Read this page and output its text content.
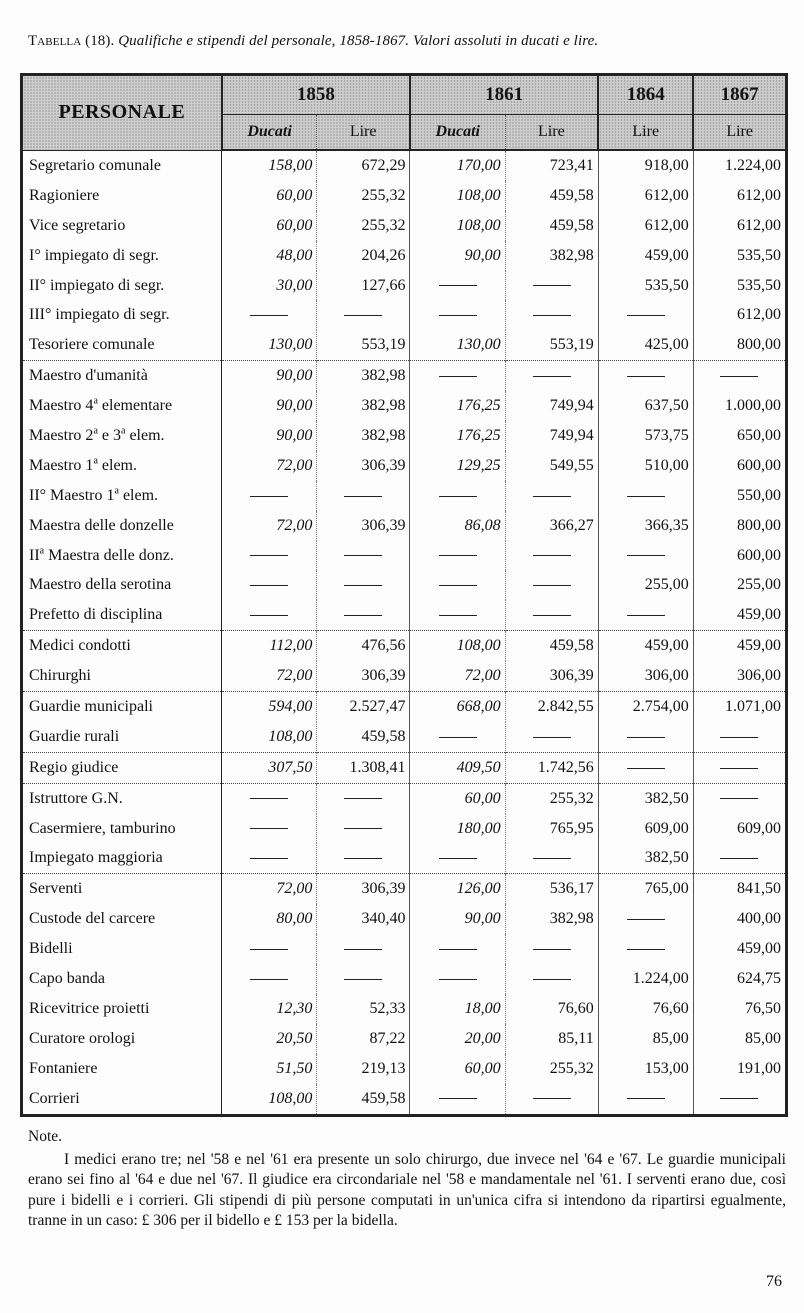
Tabella (18). Qualifiche e stipendi del personale, 1858-1867. Valori assoluti in ducati e lire.
PERSONALE	1858		1861		1864	1867
	Ducati	Lire	Ducati	Lire	Lire	Lire
Segretario comunale	158,00	672,29	170,00	723,41	918,00	1.224,00
Ragioniere	60,00	255,32	108,00	459,58	612,00	612,00
Vice segretario	60,00	255,32	108,00	459,58	612,00	612,00
I° impiegato di segr.	48,00	204,26	90,00	382,98	459,00	535,50
II° impiegato di segr.	30,00	127,66			535,50	535,50
III° impiegato di segr.						612,00
Tesoriere comunale	130,00	553,19	130,00	553,19	425,00	800,00
Maestro d'umanità	90,00	382,98				
Maestro 4$^a$ elementare	90,00	382,98	176,25	749,94	637,50	1.000,00
Maestro 2$^a$ e 3$^a$ elem.	90,00	382,98	176,25	749,94	573,75	650,00
Maestro 1$^a$ elem.	72,00	306,39	129,25	549,55	510,00	600,00
II° Maestro 1$^a$ elem.						550,00
Maestra delle donzelle	72,00	306,39	86,08	366,27	366,35	800,00
$II^a$ Maestra delle donz.						600,00
Maestro della serotina					255,00	255,00
Prefetto di disciplina						459,00
Medici condotti	112,00	476,56	108,00	459,58	459,00	459,00
Chirurghi	72,00	306,39	72,00	306,39	306,00	306,00
Guardie municipali	594,00	2.527,47	668,00	2.842,55	2.754,00	1.071,00
Guardie rurali	108,00	459,58				
Regio giudice	307,50	1.308,41	409,50	1.742,56		
Istruttore G.N.			60,00	255,32	382,50	
Casermiere, tamburino			180,00	765,95	609,00	609,00
Impiegato maggioria					382,50	
Serventi	72,00	306,39	126,00	536,17	765,00	841,50
Custode del carcere	80,00	340,40	90,00	382,98		400,00
Bidelli						459,00
Capo banda					1.224,00	624,75
Ricevitrice proietti	12,30	52,33	18,00	76,60	76,60	76,50
Curatore orologi	20,50	87,22	20,00	85,11	85,00	85,00
Fontaniere	51,50	219,13	60,00	255,32	153,00	191,00
Corrieri	108,00	459,58				

Note.

I medici erano tre; nel '58 e nel '61 era presente un solo chirurgo, due invece nel '64 e '67. Le guardie municipali erano sei fino al '64 e due nel '67. Il giudice era circondariale nel '58 e mandamentale nel '61. I serventi erano due, così pure i bidelli e i corrieri. Gli stipendi di più persone computati in un'unica cifra si intendono da ripartirsi egualmente, tranne in un caso: £ 306 per il bidello e £ 153 per la bidella.

76
